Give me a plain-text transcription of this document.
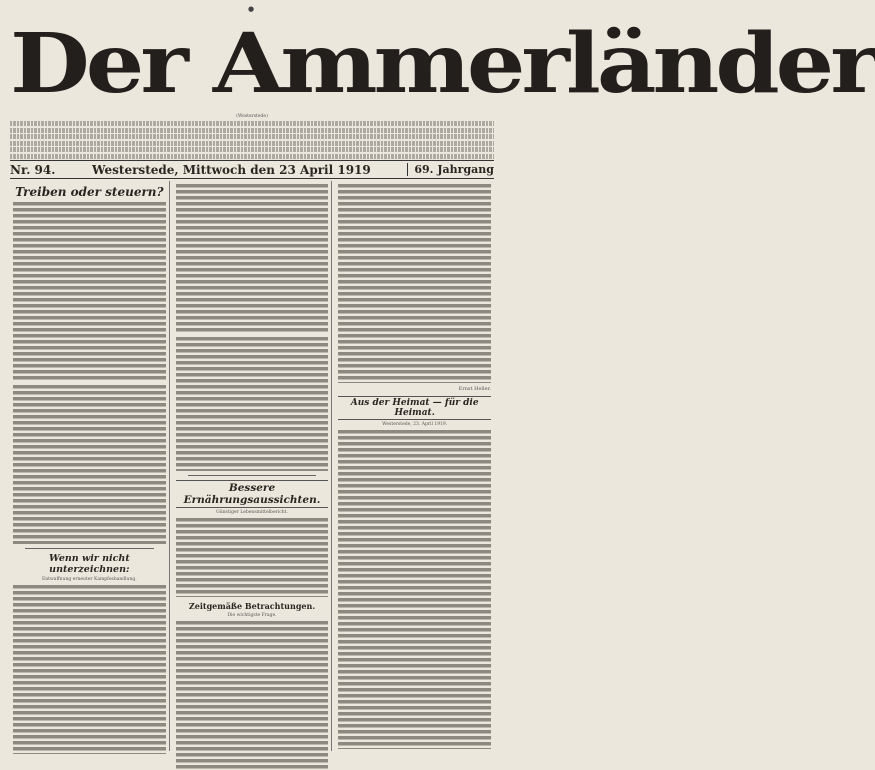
●
Der Ammerländer
(Westerstede)
Nr. 94.	Westerstede, Mittwoch den 23 April 1919	69. Jahrgang
Treiben oder steuern?
Wenn wir nicht unterzeichnen:
Entwaffnung erneuter Kampfeshandlung.
Bessere Ernährungsaussichten.
Günstiger Lebensmittelbericht.
Zeitgemäße Betrachtungen.
Die wichtigste Frage.
Ernst Heller.
Aus der Heimat — für die Heimat.
Westerstede, 23. April 1919.
